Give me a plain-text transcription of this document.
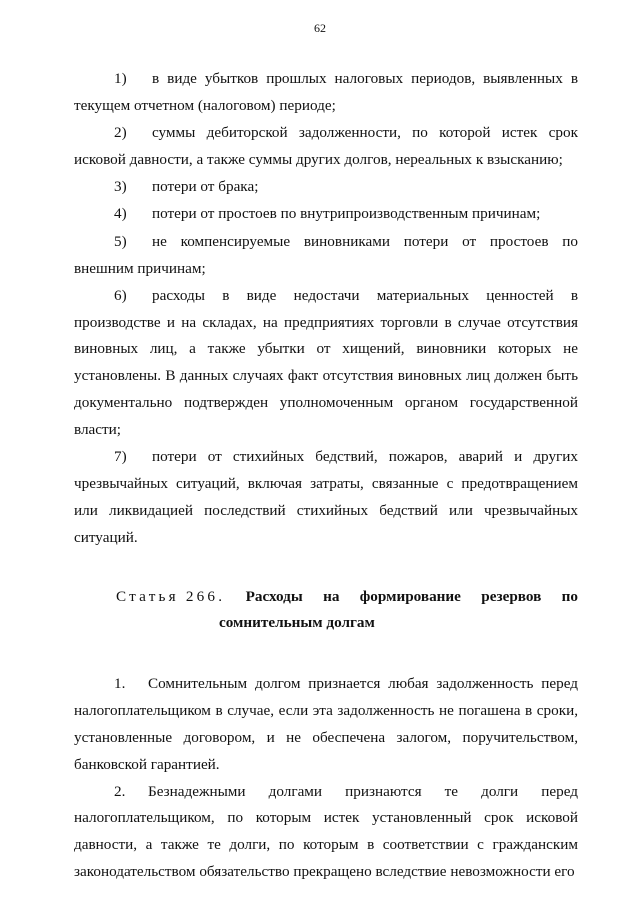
62

1) в виде убытков прошлых налоговых периодов, выявленных в текущем отчетном (налоговом) периоде;

2) суммы дебиторской задолженности, по которой истек срок исковой давности, а также суммы других долгов, нереальных к взысканию;

3) потери от брака;

4) потери от простоев по внутрипроизводственным причинам;

5) не компенсируемые виновниками потери от простоев по внешним причинам;

6) расходы в виде недостачи материальных ценностей в производстве и на складах, на предприятиях торговли в случае отсутствия виновных лиц, а также убытки от хищений, виновники которых не установлены. В данных случаях факт отсутствия виновных лиц должен быть документально подтвержден уполномоченным органом государственной власти;

7) потери от стихийных бедствий, пожаров, аварий и других чрезвычайных ситуаций, включая затраты, связанные с предотвращением или ликвидацией последствий стихийных бедствий или чрезвычайных ситуаций.

Статья 266. Расходы на формирование резервов по
сомнительным долгам

1. Сомнительным долгом признается любая задолженность перед налогоплательщиком в случае, если эта задолженность не погашена в сроки, установленные договором, и не обеспечена залогом, поручительством, банковской гарантией.

2. Безнадежными долгами признаются те долги перед налогоплательщиком, по которым истек установленный срок исковой давности, а также те долги, по которым в соответствии с гражданским законодательством обязательство прекращено вследствие невозможности его
